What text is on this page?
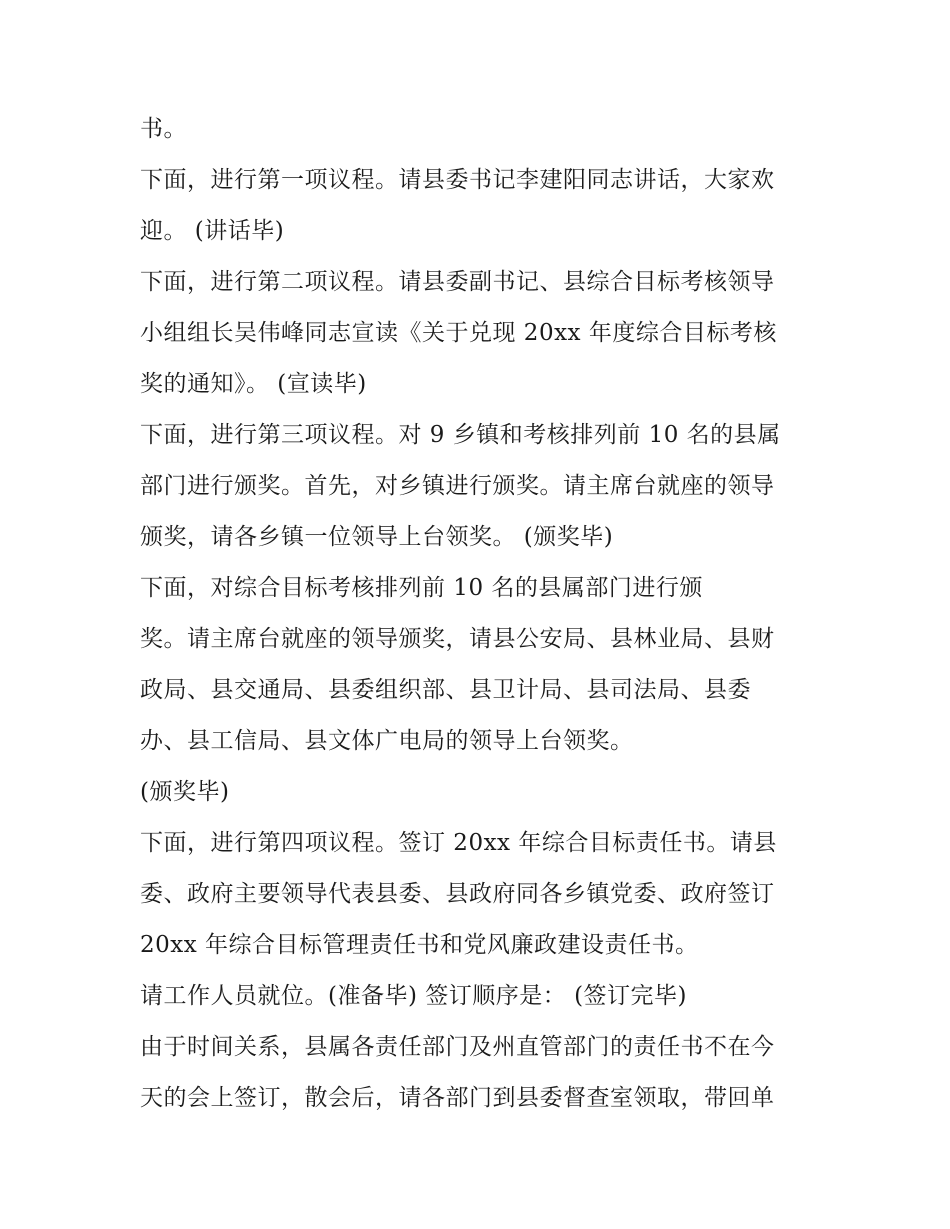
书。
下面，进行第一项议程。请县委书记李建阳同志讲话，大家欢
迎。 (讲话毕)
下面，进行第二项议程。请县委副书记、县综合目标考核领导
小组组长吴伟峰同志宣读《关于兑现 20xx 年度综合目标考核
奖的通知》。 (宣读毕)
下面，进行第三项议程。对 9 乡镇和考核排列前 10 名的县属
部门进行颁奖。首先，对乡镇进行颁奖。请主席台就座的领导
颁奖，请各乡镇一位领导上台领奖。 (颁奖毕)
下面，对综合目标考核排列前 10 名的县属部门进行颁
奖。请主席台就座的领导颁奖，请县公安局、县林业局、县财
政局、县交通局、县委组织部、县卫计局、县司法局、县委
办、县工信局、县文体广电局的领导上台领奖。
(颁奖毕)
下面，进行第四项议程。签订 20xx 年综合目标责任书。请县
委、政府主要领导代表县委、县政府同各乡镇党委、政府签订
20xx 年综合目标管理责任书和党风廉政建设责任书。
请工作人员就位。(准备毕) 签订顺序是： (签订完毕)
由于时间关系，县属各责任部门及州直管部门的责任书不在今
天的会上签订，散会后，请各部门到县委督查室领取，带回单
